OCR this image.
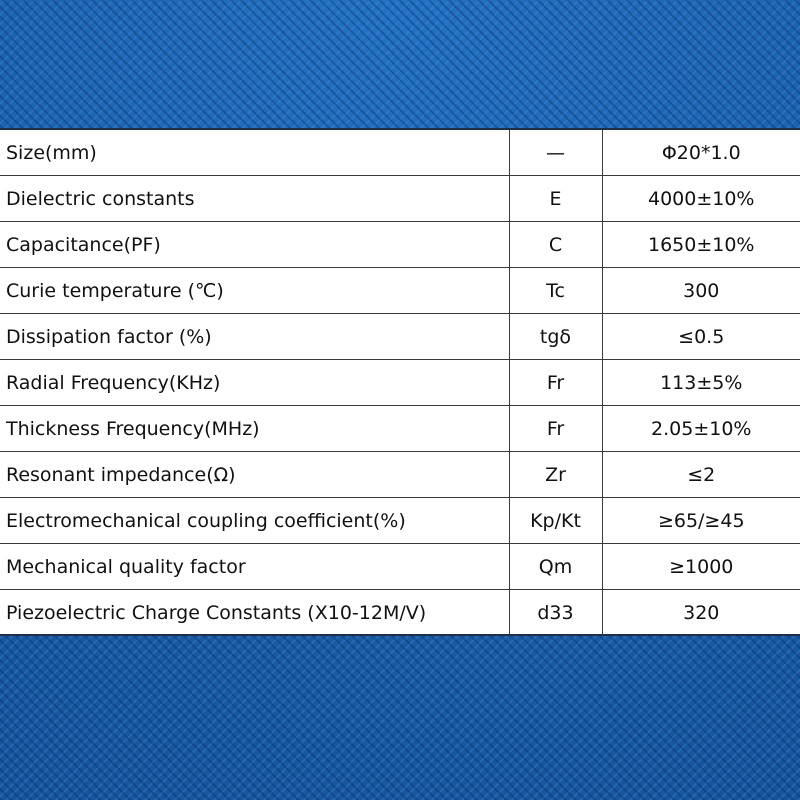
Size(mm)	—	Φ20*1.0
Dielectric constants	E	4000±10%
Capacitance(PF)	C	1650±10%
Curie temperature (℃)	Tc	300
Dissipation factor (%)	tgδ	≤0.5
Radial Frequency(KHz)	Fr	113±5%
Thickness Frequency(MHz)	Fr	2.05±10%
Resonant impedance(Ω)	Zr	≤2
Electromechanical coupling coefficient(%)	Kp/Kt	≥65/≥45
Mechanical quality factor	Qm	≥1000
Piezoelectric Charge Constants (X10-12M/V)	d33	320
